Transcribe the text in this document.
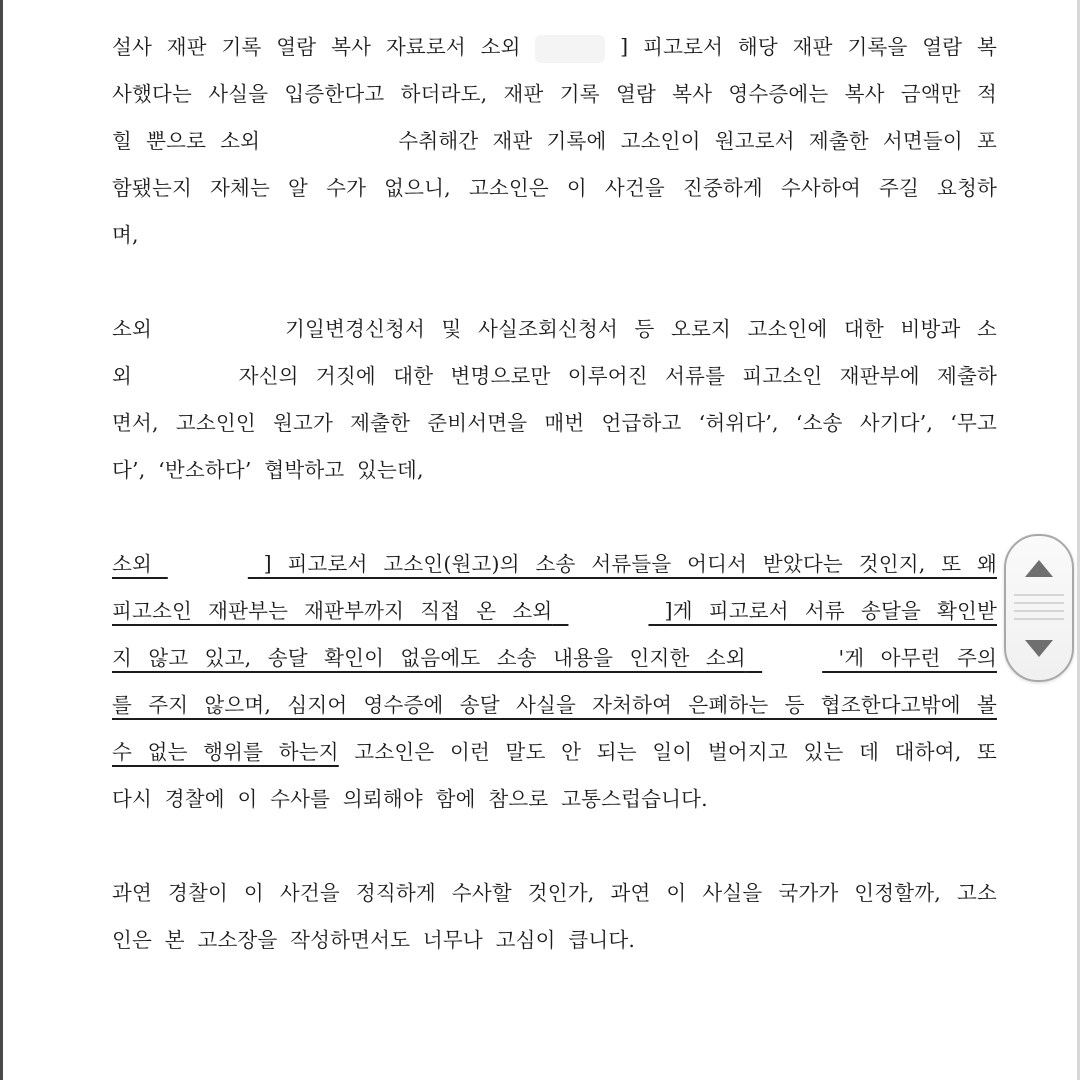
설사 재판 기록 열람 복사 자료로서 소외	] 피고로서 해당 재판 기록을 열람 복
사했다는 사실을 입증한다고 하더라도, 재판 기록 열람 복사 영수증에는 복사 금액만 적
힐 뿐으로 소외	수취해간 재판 기록에 고소인이 원고로서 제출한 서면들이 포
함됐는지 자체는 알 수가 없으니, 고소인은 이 사건을 진중하게 수사하여 주길 요청하
며,
소외	기일변경신청서 및 사실조회신청서 등 오로지 고소인에 대한 비방과 소
외	자신의 거짓에 대한 변명으로만 이루어진 서류를 피고소인 재판부에 제출하
면서, 고소인인 원고가 제출한 준비서면을 매번 언급하고 ‘허위다’, ‘소송 사기다’, ‘무고
다’, ‘반소하다’ 협박하고 있는데,
소외	] 피고로서 고소인(원고)의 소송 서류들을 어디서 받았다는 것인지, 또 왜
피고소인 재판부는 재판부까지 직접 온 소외	]게 피고로서 서류 송달을 확인받
지 않고 있고, 송달 확인이 없음에도 소송 내용을 인지한 소외	'게 아무런 주의
를 주지 않으며, 심지어 영수증에 송달 사실을 자처하여 은폐하는 등 협조한다고밖에 볼
수 없는 행위를 하는지 고소인은 이런 말도 안 되는 일이 벌어지고 있는 데 대하여, 또
다시 경찰에 이 수사를 의뢰해야 함에 참으로 고통스럽습니다.
과연 경찰이 이 사건을 정직하게 수사할 것인가, 과연 이 사실을 국가가 인정할까, 고소
인은 본 고소장을 작성하면서도 너무나 고심이 큽니다.
